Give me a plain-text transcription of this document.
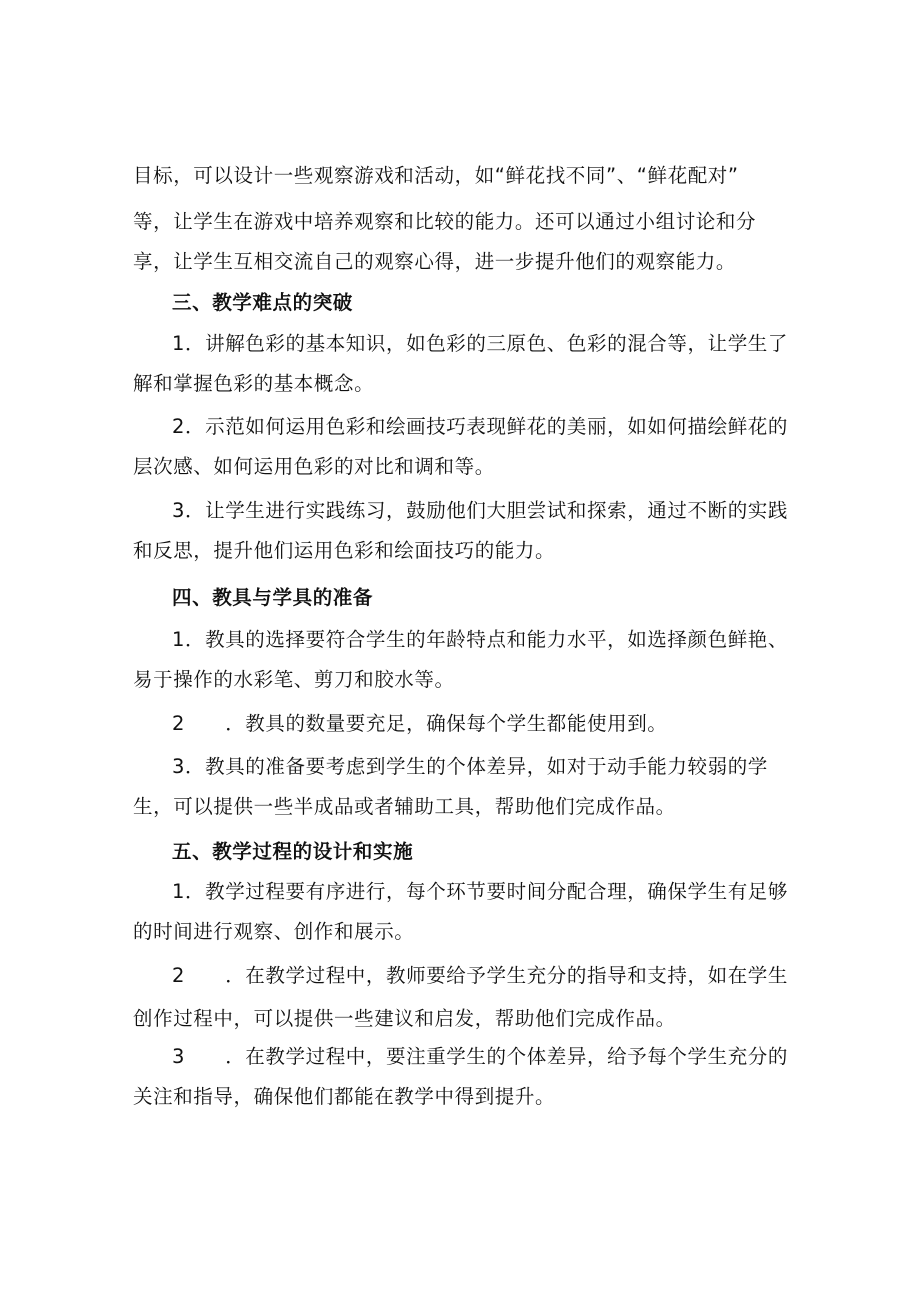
目标，可以设计一些观察游戏和活动，如“鲜花找不同”、“鲜花配对”
等，让学生在游戏中培养观察和比较的能力。还可以通过小组讨论和分
享，让学生互相交流自己的观察心得，进一步提升他们的观察能力。
三、教学难点的突破
1．讲解色彩的基本知识，如色彩的三原色、色彩的混合等，让学生了
解和掌握色彩的基本概念。
2．示范如何运用色彩和绘画技巧表现鲜花的美丽，如如何描绘鲜花的
层次感、如何运用色彩的对比和调和等。
3．让学生进行实践练习，鼓励他们大胆尝试和探索，通过不断的实践
和反思，提升他们运用色彩和绘面技巧的能力。
四、教具与学具的准备
1．教具的选择要符合学生的年龄特点和能力水平，如选择颜色鲜艳、
易于操作的水彩笔、剪刀和胶水等。
2　　．教具的数量要充足，确保每个学生都能使用到。
3．教具的准备要考虑到学生的个体差异，如对于动手能力较弱的学
生，可以提供一些半成品或者辅助工具，帮助他们完成作品。
五、教学过程的设计和实施
1．教学过程要有序进行，每个环节要时间分配合理，确保学生有足够
的时间进行观察、创作和展示。
2　　．在教学过程中，教师要给予学生充分的指导和支持，如在学生
创作过程中，可以提供一些建议和启发，帮助他们完成作品。
3　　．在教学过程中，要注重学生的个体差异，给予每个学生充分的
关注和指导，确保他们都能在教学中得到提升。
